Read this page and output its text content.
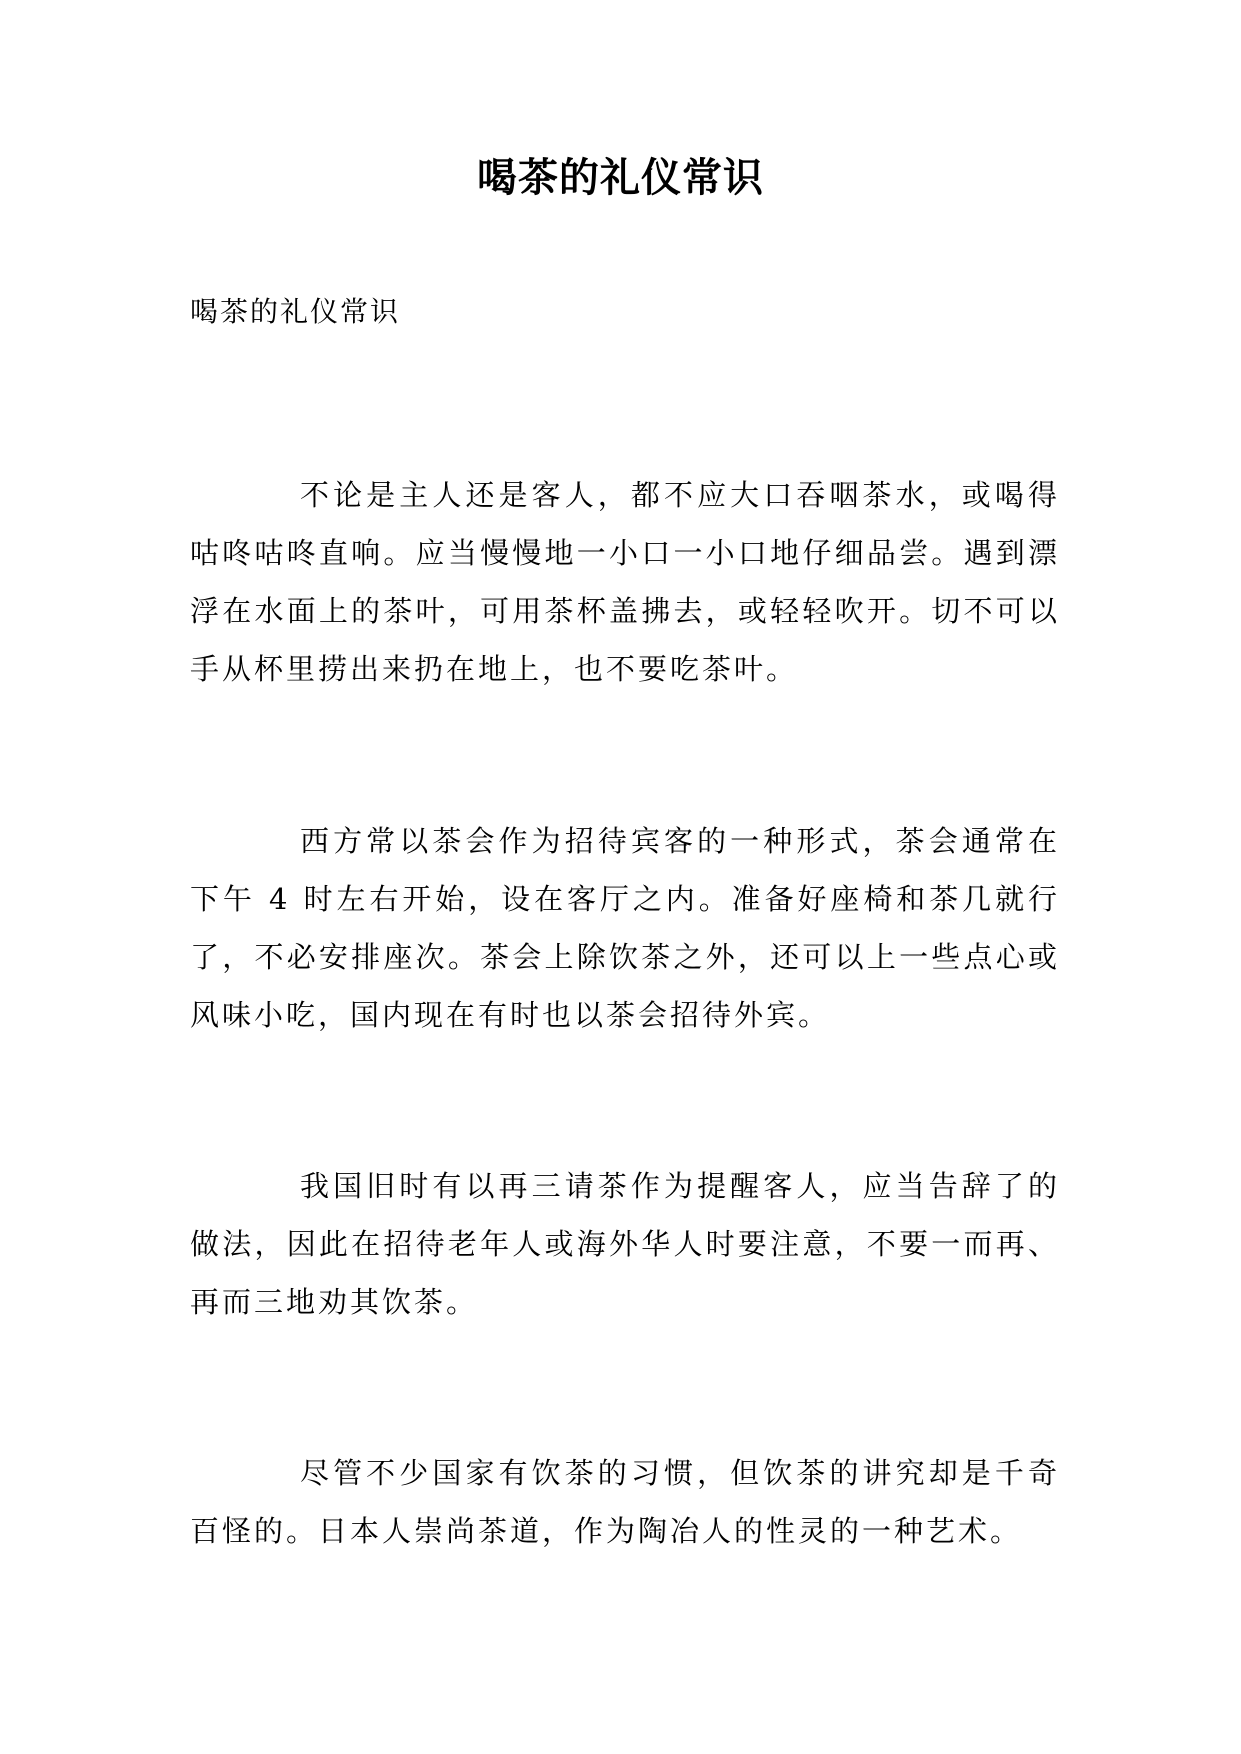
喝茶的礼仪常识

喝茶的礼仪常识

不论是主人还是客人，都不应大口吞咽茶水，或喝得咕咚咕咚直响。应当慢慢地一小口一小口地仔细品尝。遇到漂浮在水面上的茶叶，可用茶杯盖拂去，或轻轻吹开。切不可以手从杯里捞出来扔在地上，也不要吃茶叶。

西方常以茶会作为招待宾客的一种形式，茶会通常在下午 4 时左右开始，设在客厅之内。准备好座椅和茶几就行了，不必安排座次。茶会上除饮茶之外，还可以上一些点心或风味小吃，国内现在有时也以茶会招待外宾。

我国旧时有以再三请茶作为提醒客人，应当告辞了的做法，因此在招待老年人或海外华人时要注意，不要一而再、再而三地劝其饮茶。

尽管不少国家有饮茶的习惯，但饮茶的讲究却是千奇百怪的。日本人崇尚茶道，作为陶冶人的性灵的一种艺术。
